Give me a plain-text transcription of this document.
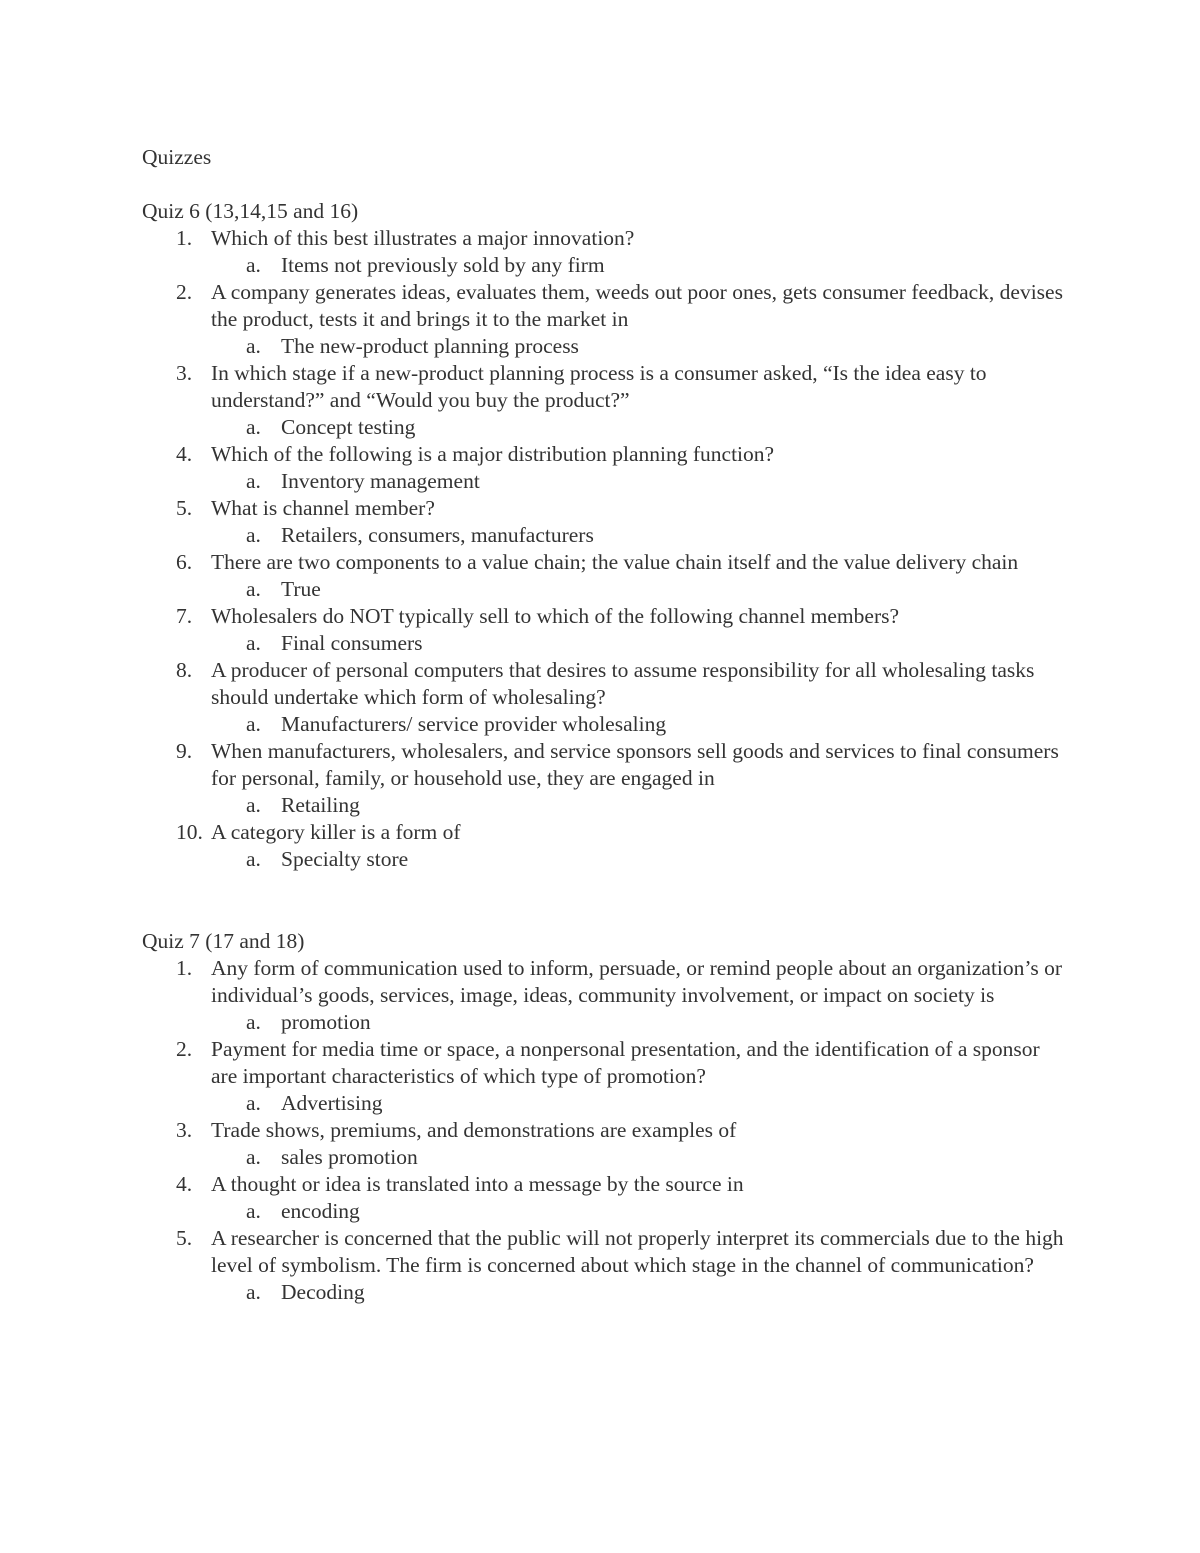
Quizzes
Quiz 6 (13,14,15 and 16)
1. Which of this best illustrates a major innovation?
a. Items not previously sold by any firm
2. A company generates ideas, evaluates them, weeds out poor ones, gets consumer feedback, devises the product, tests it and brings it to the market in
a. The new-product planning process
3. In which stage if a new-product planning process is a consumer asked, “Is the idea easy to understand?” and “Would you buy the product?”
a. Concept testing
4. Which of the following is a major distribution planning function?
a. Inventory management
5. What is channel member?
a. Retailers, consumers, manufacturers
6. There are two components to a value chain; the value chain itself and the value delivery chain
a. True
7. Wholesalers do NOT typically sell to which of the following channel members?
a. Final consumers
8. A producer of personal computers that desires to assume responsibility for all wholesaling tasks should undertake which form of wholesaling?
a. Manufacturers/ service provider wholesaling
9. When manufacturers, wholesalers, and service sponsors sell goods and services to final consumers for personal, family, or household use, they are engaged in
a. Retailing
10. A category killer is a form of
a. Specialty store
Quiz 7 (17 and 18)
1. Any form of communication used to inform, persuade, or remind people about an organization’s or individual’s goods, services, image, ideas, community involvement, or impact on society is
a. promotion
2. Payment for media time or space, a nonpersonal presentation, and the identification of a sponsor are important characteristics of which type of promotion?
a. Advertising
3. Trade shows, premiums, and demonstrations are examples of
a. sales promotion
4. A thought or idea is translated into a message by the source in
a. encoding
5. A researcher is concerned that the public will not properly interpret its commercials due to the high level of symbolism. The firm is concerned about which stage in the channel of communication?
a. Decoding
